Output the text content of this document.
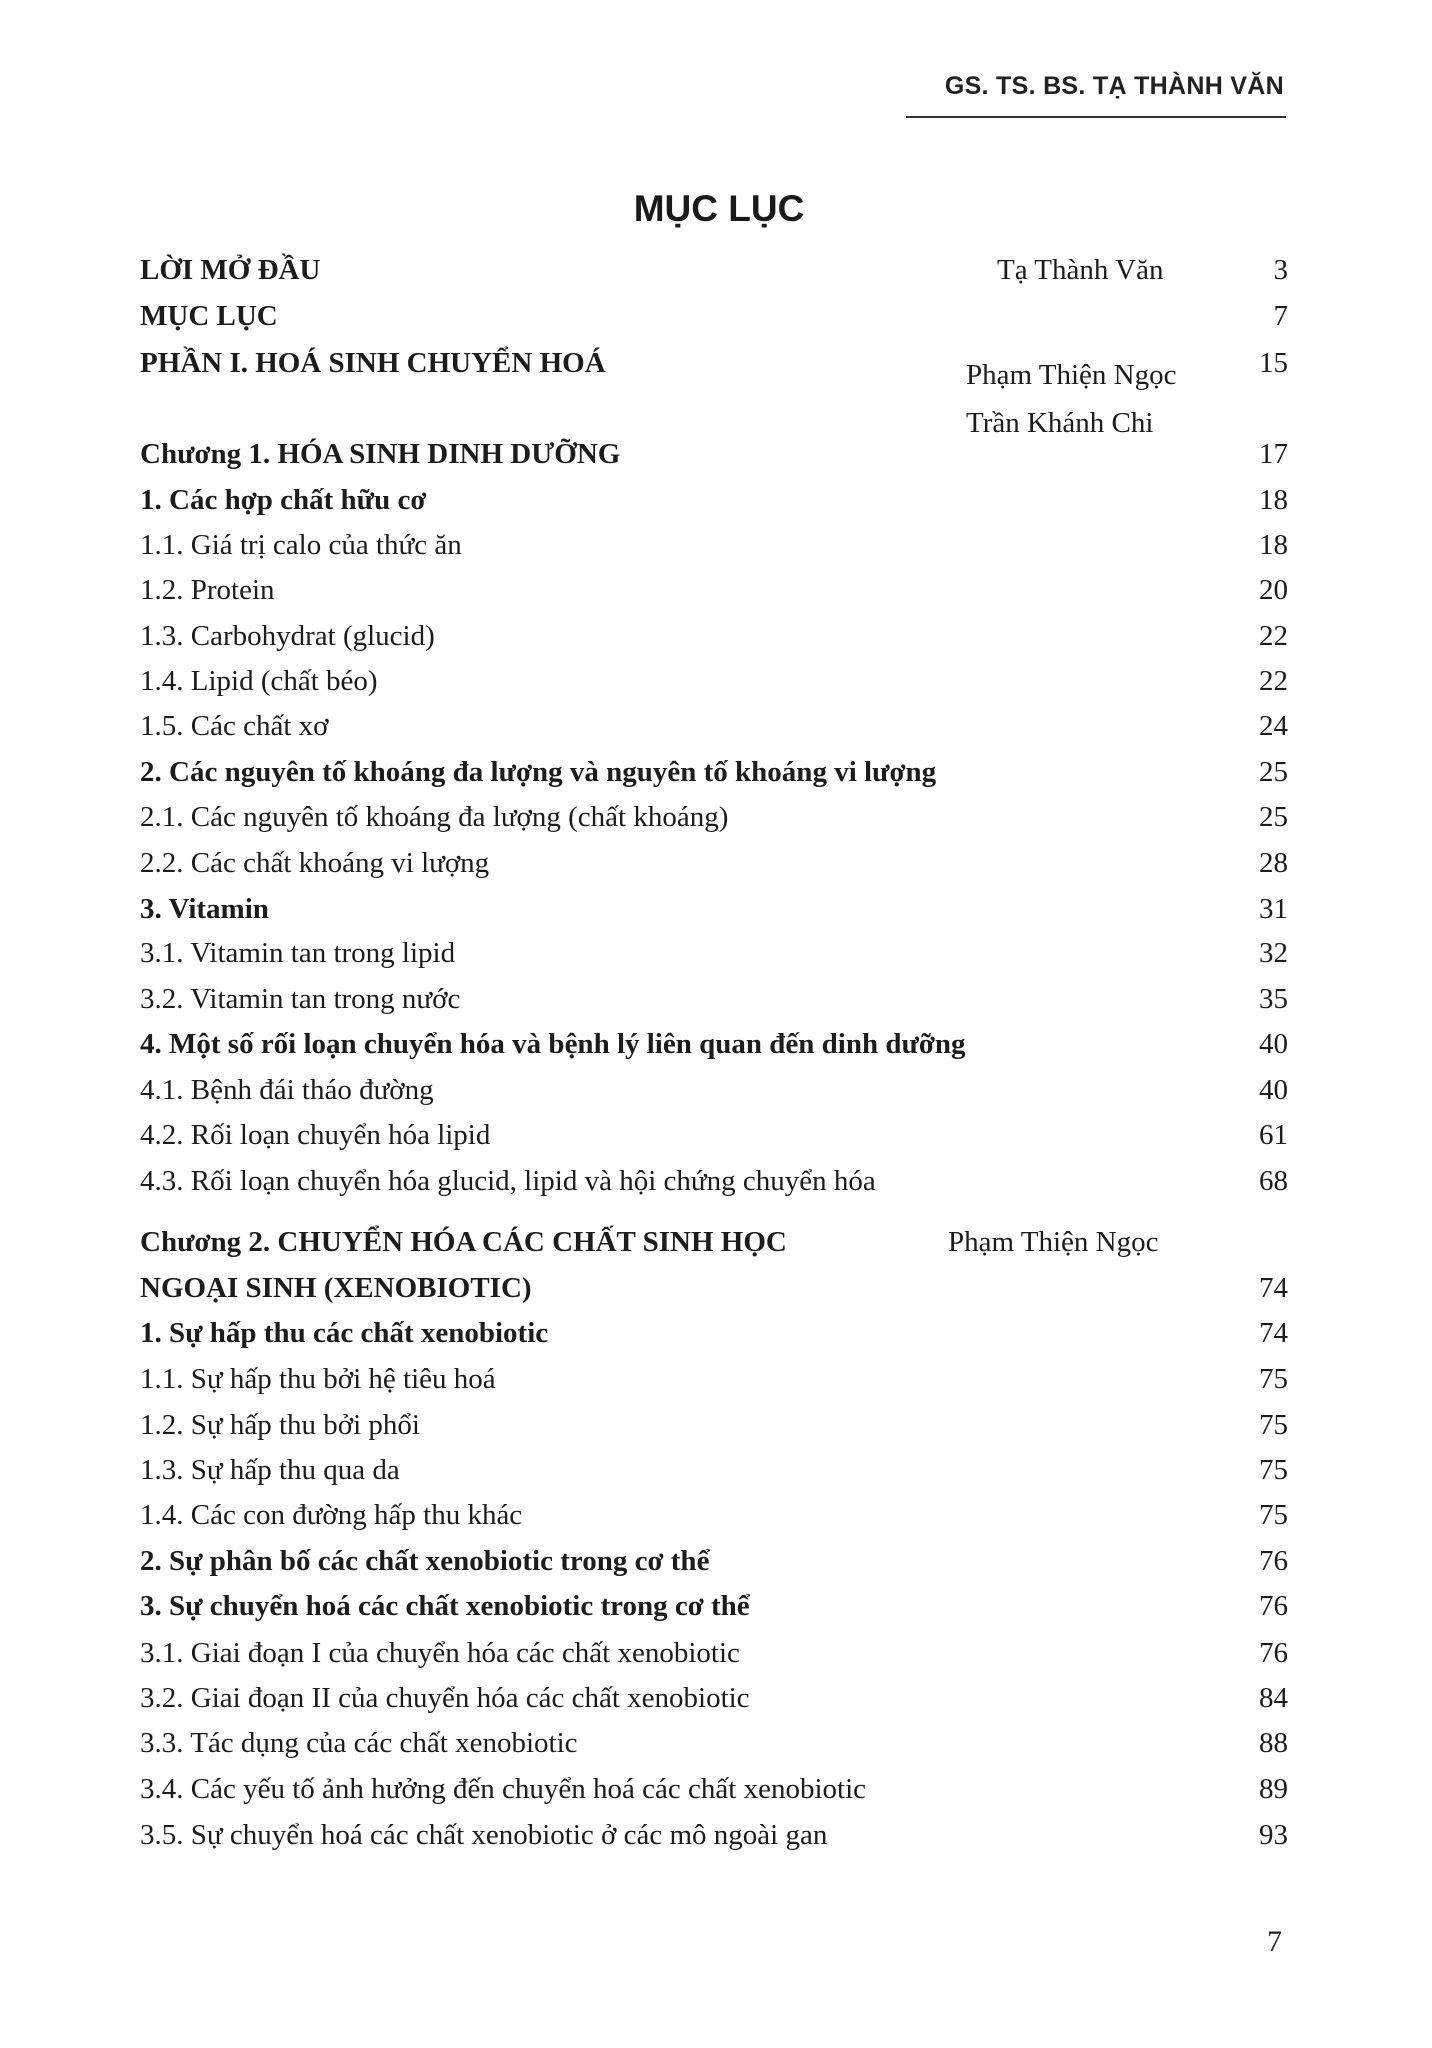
GS. TS. BS. TẠ THÀNH VĂN
MỤC LỤC
LỜI MỞ ĐẦU	Tạ Thành Văn	3
MỤC LỤC	7
PHẦN I. HOÁ SINH CHUYỂN HOÁ	Phạm Thiện Ngọc	15
Trần Khánh Chi
Chương 1. HÓA SINH DINH DƯỠNG	17
1. Các hợp chất hữu cơ	18
1.1. Giá trị calo của thức ăn	18
1.2. Protein	20
1.3. Carbohydrat (glucid)	22
1.4. Lipid (chất béo)	22
1.5. Các chất xơ	24
2. Các nguyên tố khoáng đa lượng và nguyên tố khoáng vi lượng	25
2.1. Các nguyên tố khoáng đa lượng (chất khoáng)	25
2.2. Các chất khoáng vi lượng	28
3. Vitamin	31
3.1. Vitamin tan trong lipid	32
3.2. Vitamin tan trong nước	35
4. Một số rối loạn chuyển hóa và bệnh lý liên quan đến dinh dưỡng	40
4.1. Bệnh đái tháo đường	40
4.2. Rối loạn chuyển hóa lipid	61
4.3. Rối loạn chuyển hóa glucid, lipid và hội chứng chuyển hóa	68
Chương 2. CHUYỂN HÓA CÁC CHẤT SINH HỌC	Phạm Thiện Ngọc
NGOẠI SINH (XENOBIOTIC)	74
1. Sự hấp thu các chất xenobiotic	74
1.1. Sự hấp thu bởi hệ tiêu hoá	75
1.2. Sự hấp thu bởi phổi	75
1.3. Sự hấp thu qua da	75
1.4. Các con đường hấp thu khác	75
2. Sự phân bố các chất xenobiotic trong cơ thể	76
3. Sự chuyển hoá các chất xenobiotic trong cơ thể	76
3.1. Giai đoạn I của chuyển hóa các chất xenobiotic	76
3.2. Giai đoạn II của chuyển hóa các chất xenobiotic	84
3.3. Tác dụng của các chất xenobiotic	88
3.4. Các yếu tố ảnh hưởng đến chuyển hoá các chất xenobiotic	89
3.5. Sự chuyển hoá các chất xenobiotic ở các mô ngoài gan	93
7
